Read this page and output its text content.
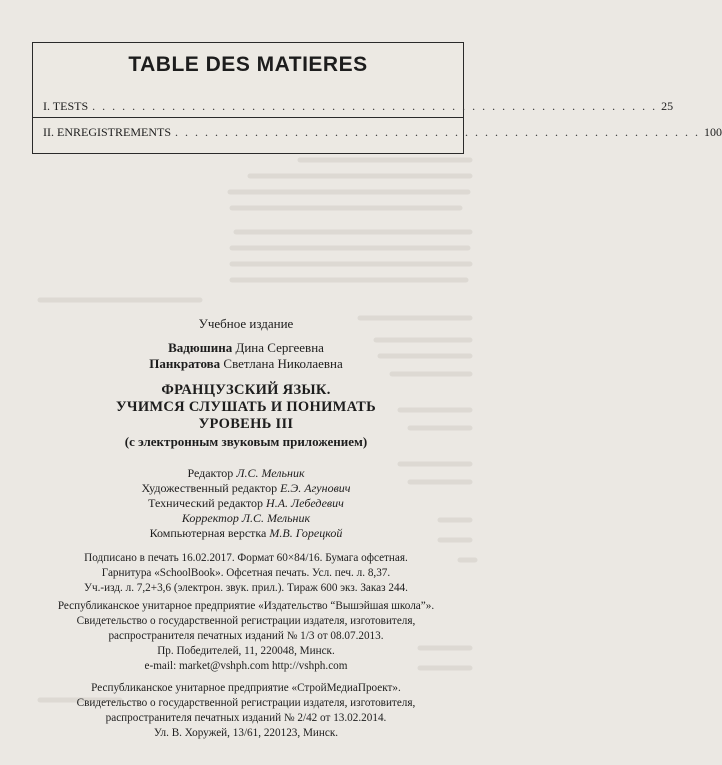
TABLE DES MATIERES
I. TESTS . . . . . . . . . . . . . . . . . . . . . . . . . . . . . . . . . . . . . . . . . . . . . . . . . . . . . . . . . 25
II. ENREGISTREMENTS . . . . . . . . . . . . . . . . . . . . . . . . . . . . . . . . . . . . . . . . . . . . . . . . . . . . . 100
Учебное издание
Вадюшина Дина Сергеевна
Панкратова Светлана Николаевна
ФРАНЦУЗСКИЙ ЯЗЫК.
УЧИМСЯ СЛУШАТЬ И ПОНИМАТЬ
УРОВЕНЬ III
(с электронным звуковым приложением)
Редактор Л.С. Мельник
Художественный редактор Е.Э. Агунович
Технический редактор Н.А. Лебедевич
Корректор Л.С. Мельник
Компьютерная верстка М.В. Горецкой
Подписано в печать 16.02.2017. Формат 60×84/16. Бумага офсетная.
Гарнитура «SchoolBook». Офсетная печать. Усл. печ. л. 8,37.
Уч.-изд. л. 7,2+3,6 (электрон. звук. прил.). Тираж 600 экз. Заказ 244.
Республиканское унитарное предприятие «Издательство “Вышэйшая школа”».
Свидетельство о государственной регистрации издателя, изготовителя,
распространителя печатных изданий № 1/3 от 08.07.2013.
Пр. Победителей, 11, 220048, Минск.
e-mail: market@vshph.com http://vshph.com
Республиканское унитарное предприятие «СтройМедиаПроект».
Свидетельство о государственной регистрации издателя, изготовителя,
распространителя печатных изданий № 2/42 от 13.02.2014.
Ул. В. Хоружей, 13/61, 220123, Минск.
